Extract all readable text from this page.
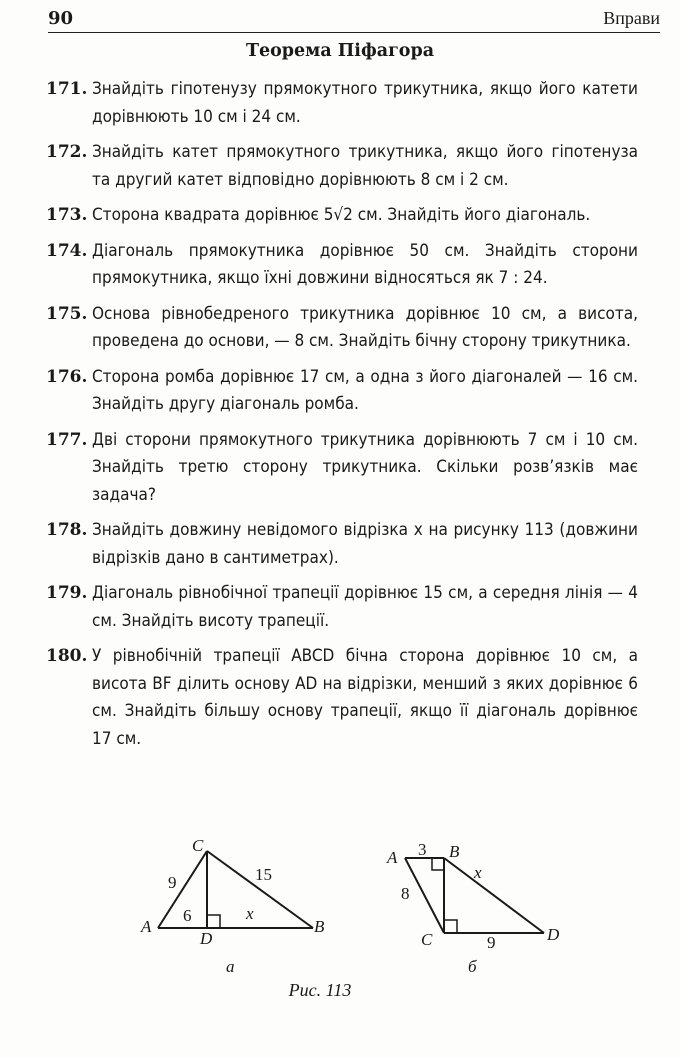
90	Вправи
Теорема Піфагора
171. Знайдіть гіпотенузу прямокутного трикутника, якщо його катети дорівнюють 10 см і 24 см.
172. Знайдіть катет прямокутного трикутника, якщо його гіпотенуза та другий катет відповідно дорівнюють 8 см і 2 см.
173. Сторона квадрата дорівнює 5√2 см. Знайдіть його діагональ.
174. Діагональ прямокутника дорівнює 50 см. Знайдіть сторони прямокутника, якщо їхні довжини відносяться як 7 : 24.
175. Основа рівнобедреного трикутника дорівнює 10 см, а висота, проведена до основи, — 8 см. Знайдіть бічну сторону трикутника.
176. Сторона ромба дорівнює 17 см, а одна з його діагоналей — 16 см. Знайдіть другу діагональ ромба.
177. Дві сторони прямокутного трикутника дорівнюють 7 см і 10 см. Знайдіть третю сторону трикутника. Скільки розв’язків має задача?
178. Знайдіть довжину невідомого відрізка x на рисунку 113 (довжини відрізків дано в сантиметрах).
179. Діагональ рівнобічної трапеції дорівнює 15 см, а середня лінія — 4 см. Знайдіть висоту трапеції.
180. У рівнобічній трапеції ABCD бічна сторона дорівнює 10 см, а висота BF ділить основу AD на відрізки, менший з яких дорівнює 6 см. Знайдіть більшу основу трапеції, якщо її діагональ дорівнює 17 см.
C
A	B
D
9	15
6	x
а
A	B
C	D
3
8
x
9
б
Рис. 113
